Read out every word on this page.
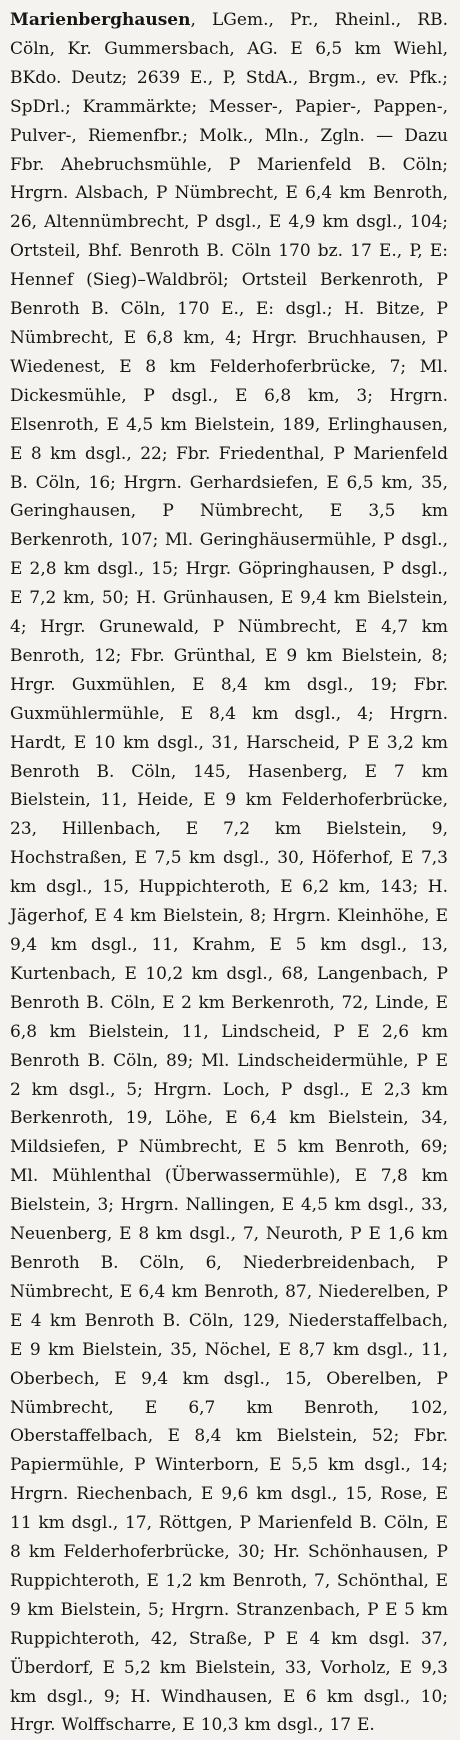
Marienberghausen, LGem., Pr., Rheinl., RB. Cöln, Kr. Gummersbach, AG. E 6,5 km Wiehl, BKdo. Deutz; 2639 E., P, StdA., Brgm., ev. Pfk.; SpDrl.; Krammärkte; Messer-, Papier-, Pappen-, Pulver-, Riemenfbr.; Molk., Mln., Zgln. — Dazu Fbr. Ahebruchsmühle, P Marienfeld B. Cöln; Hrgrn. Alsbach, P Nümbrecht, E 6,4 km Benroth, 26, Altennümbrecht, P dsgl., E 4,9 km dsgl., 104; Ortsteil, Bhf. Benroth B. Cöln 170 bz. 17 E., P, E: Hennef (Sieg)–Waldbröl; Ortsteil Berkenroth, P Benroth B. Cöln, 170 E., E: dsgl.; H. Bitze, P Nümbrecht, E 6,8 km, 4; Hrgr. Bruchhausen, P Wiedenest, E 8 km Felderhoferbrücke, 7; Ml. Dickesmühle, P dsgl., E 6,8 km, 3; Hrgrn. Elsenroth, E 4,5 km Bielstein, 189, Erlinghausen, E 8 km dsgl., 22; Fbr. Friedenthal, P Marienfeld B. Cöln, 16; Hrgrn. Gerhardsiefen, E 6,5 km, 35, Geringhausen, P Nümbrecht, E 3,5 km Berkenroth, 107; Ml. Geringhäusermühle, P dsgl., E 2,8 km dsgl., 15; Hrgr. Göpringhausen, P dsgl., E 7,2 km, 50; H. Grünhausen, E 9,4 km Bielstein, 4; Hrgr. Grunewald, P Nümbrecht, E 4,7 km Benroth, 12; Fbr. Grünthal, E 9 km Bielstein, 8; Hrgr. Guxmühlen, E 8,4 km dsgl., 19; Fbr. Guxmühlermühle, E 8,4 km dsgl., 4; Hrgrn. Hardt, E 10 km dsgl., 31, Harscheid, P E 3,2 km Benroth B. Cöln, 145, Hasenberg, E 7 km Bielstein, 11, Heide, E 9 km Felderhoferbrücke, 23, Hillenbach, E 7,2 km Bielstein, 9, Hochstraßen, E 7,5 km dsgl., 30, Höferhof, E 7,3 km dsgl., 15, Huppichteroth, E 6,2 km, 143; H. Jägerhof, E 4 km Bielstein, 8; Hrgrn. Kleinhöhe, E 9,4 km dsgl., 11, Krahm, E 5 km dsgl., 13, Kurtenbach, E 10,2 km dsgl., 68, Langenbach, P Benroth B. Cöln, E 2 km Berkenroth, 72, Linde, E 6,8 km Bielstein, 11, Lindscheid, P E 2,6 km Benroth B. Cöln, 89; Ml. Lindscheidermühle, P E 2 km dsgl., 5; Hrgrn. Loch, P dsgl., E 2,3 km Berkenroth, 19, Löhe, E 6,4 km Bielstein, 34, Mildsiefen, P Nümbrecht, E 5 km Benroth, 69; Ml. Mühlenthal (Überwassermühle), E 7,8 km Bielstein, 3; Hrgrn. Nallingen, E 4,5 km dsgl., 33, Neuenberg, E 8 km dsgl., 7, Neuroth, P E 1,6 km Benroth B. Cöln, 6, Niederbreidenbach, P Nümbrecht, E 6,4 km Benroth, 87, Niederelben, P E 4 km Benroth B. Cöln, 129, Niederstaffelbach, E 9 km Bielstein, 35, Nöchel, E 8,7 km dsgl., 11, Oberbech, E 9,4 km dsgl., 15, Oberelben, P Nümbrecht, E 6,7 km Benroth, 102, Oberstaffelbach, E 8,4 km Bielstein, 52; Fbr. Papiermühle, P Winterborn, E 5,5 km dsgl., 14; Hrgrn. Riechenbach, E 9,6 km dsgl., 15, Rose, E 11 km dsgl., 17, Röttgen, P Marienfeld B. Cöln, E 8 km Felderhoferbrücke, 30; Hr. Schönhausen, P Ruppichteroth, E 1,2 km Benroth, 7, Schönthal, E 9 km Bielstein, 5; Hrgrn. Stranzenbach, P E 5 km Ruppichteroth, 42, Straße, P E 4 km dsgl. 37, Überdorf, E 5,2 km Bielstein, 33, Vorholz, E 9,3 km dsgl., 9; H. Windhausen, E 6 km dsgl., 10; Hrgr. Wolffscharre, E 10,3 km dsgl., 17 E.
